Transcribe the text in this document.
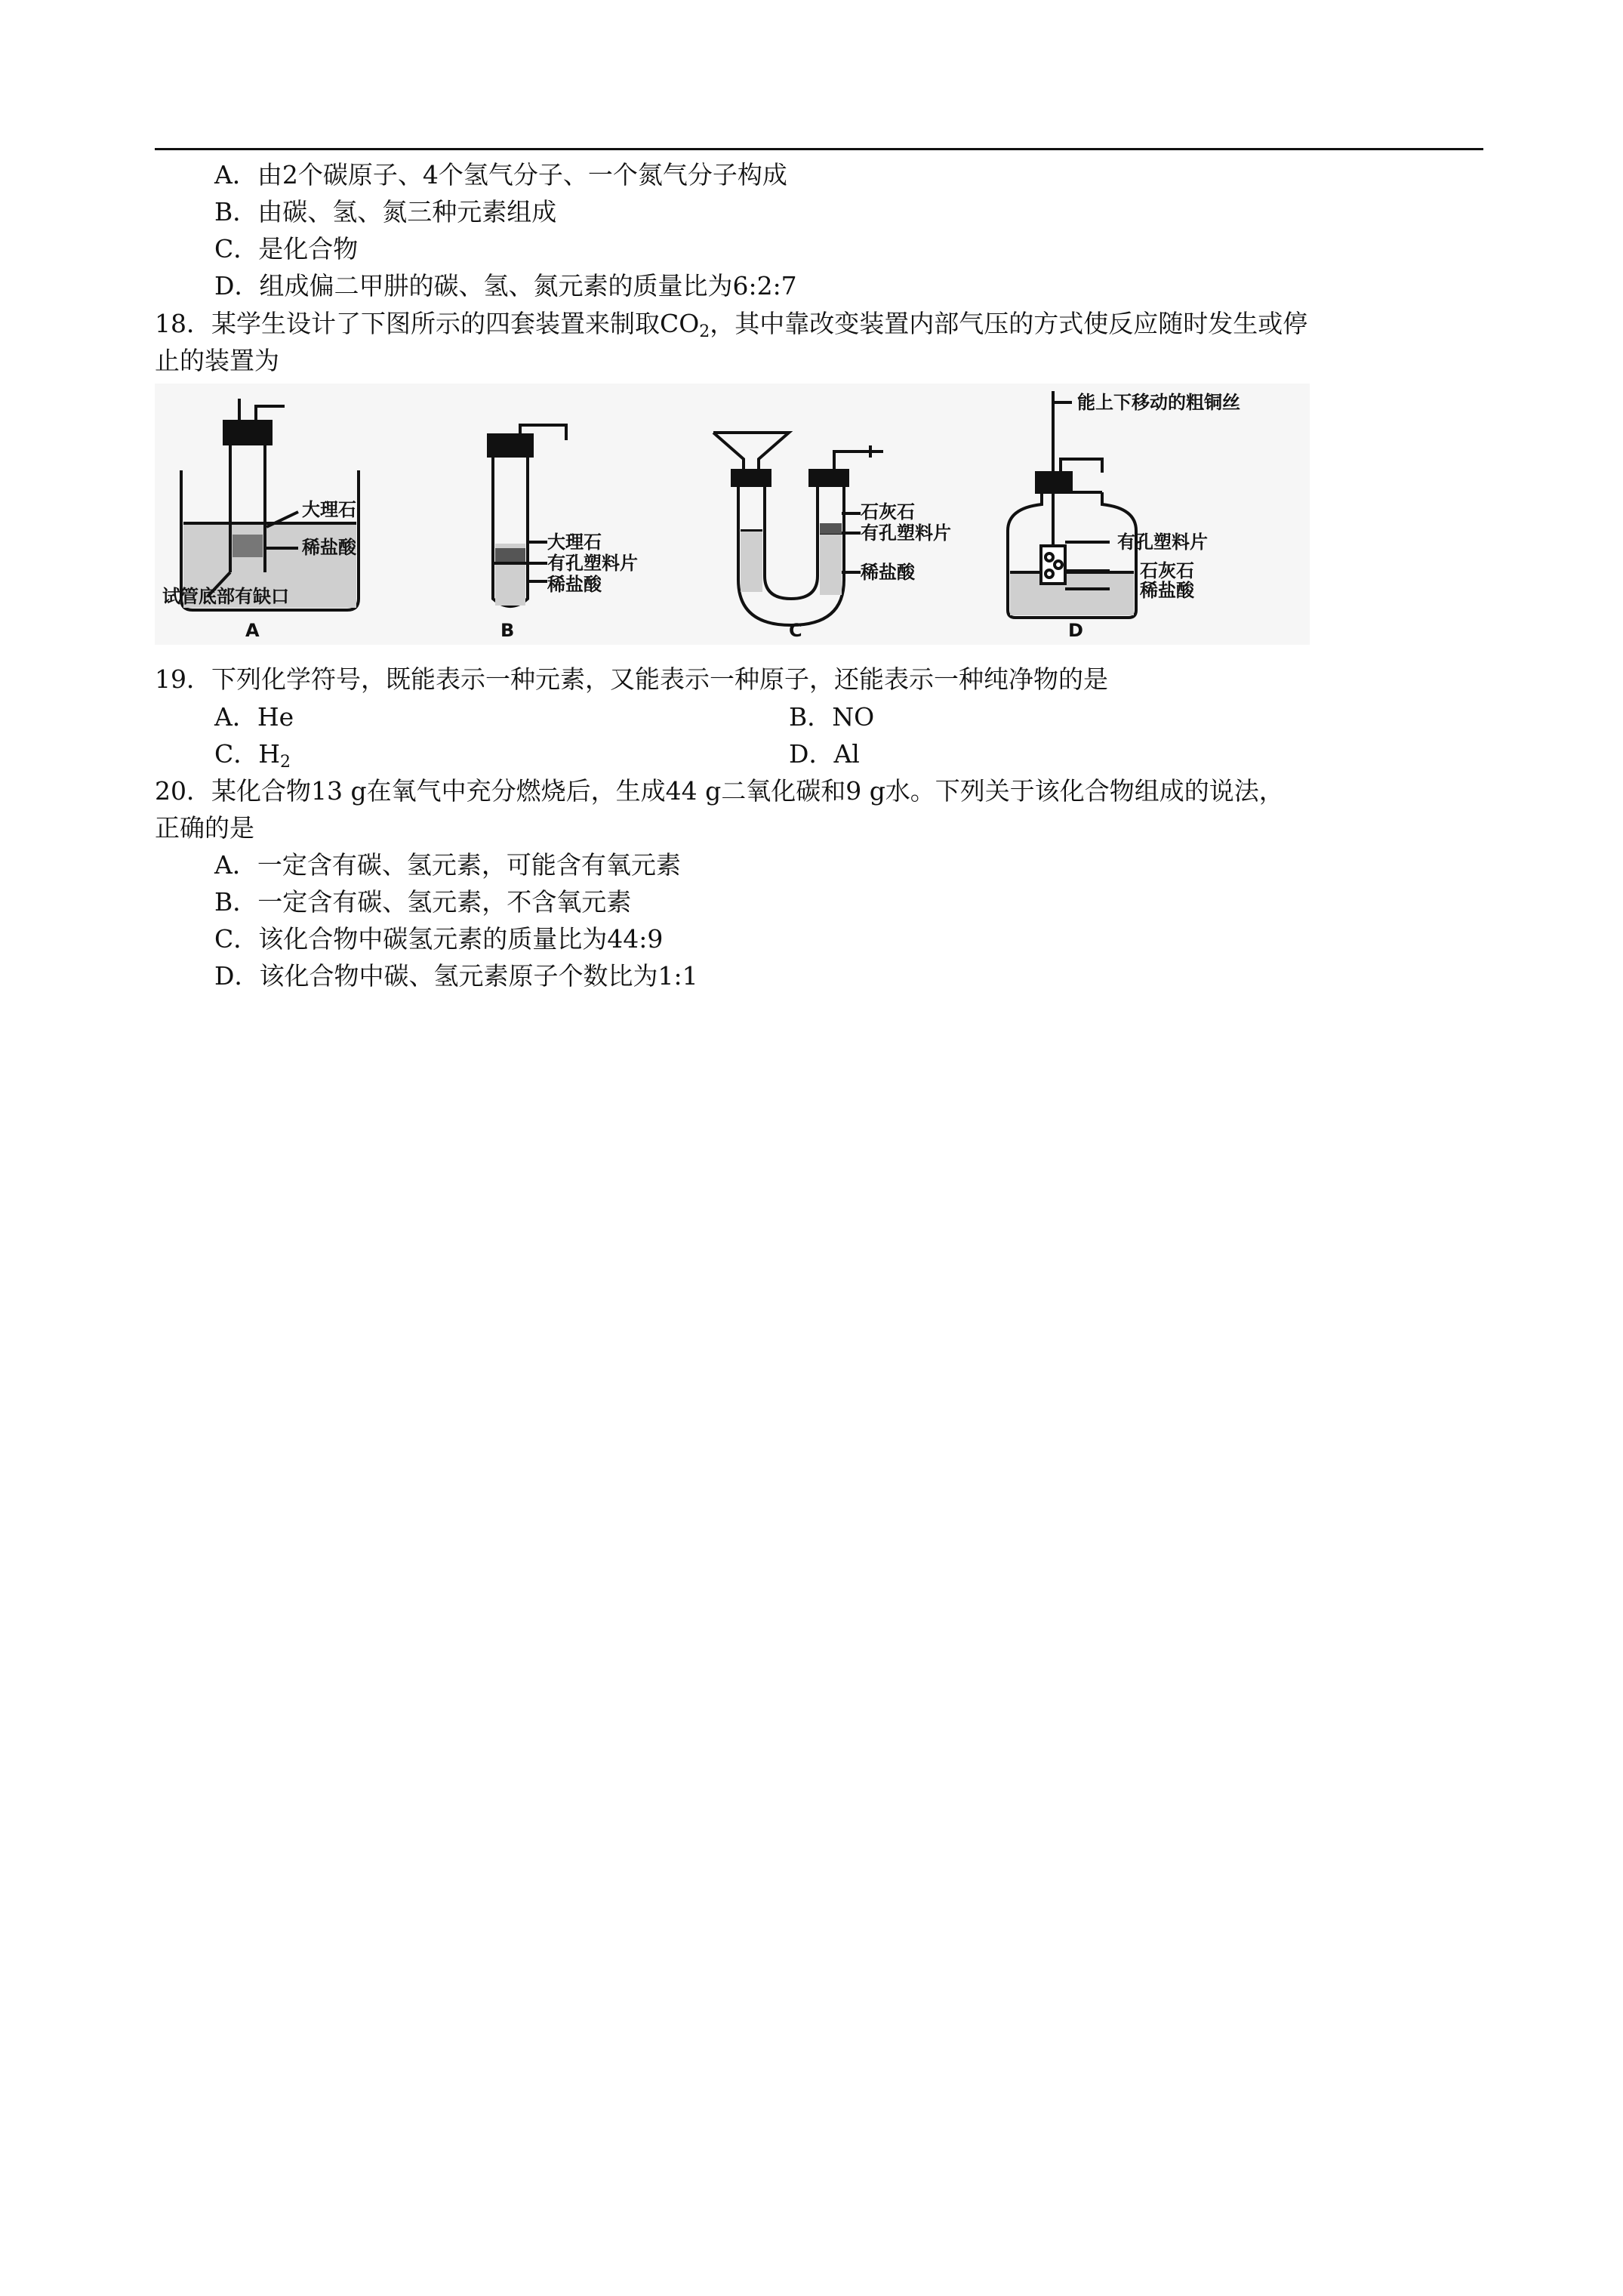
A．由2个碳原子、4个氢气分子、一个氮气分子构成
B．由碳、氢、氮三种元素组成
C．是化合物
D．组成偏二甲肼的碳、氢、氮元素的质量比为6:2:7
18．某学生设计了下图所示的四套装置来制取$CO_2$，其中靠改变装置内部气压的方式使反应随时发生或停
止的装置为
大理石
稀盐酸
试管底部有缺口
A
大理石
有孔塑料片
稀盐酸
B
石灰石
有孔塑料片
稀盐酸
C
能上下移动的粗铜丝
有孔塑料片
石灰石
稀盐酸
D
19．下列化学符号，既能表示一种元素，又能表示一种原子，还能表示一种纯净物的是
A．He	B．NO
C．$H_2$	D．Al
20．某化合物13 g在氧气中充分燃烧后，生成44 g二氧化碳和9 g水。下列关于该化合物组成的说法，
正确的是
A．一定含有碳、氢元素，可能含有氧元素
B．一定含有碳、氢元素，不含氧元素
C．该化合物中碳氢元素的质量比为44:9
D．该化合物中碳、氢元素原子个数比为1:1
